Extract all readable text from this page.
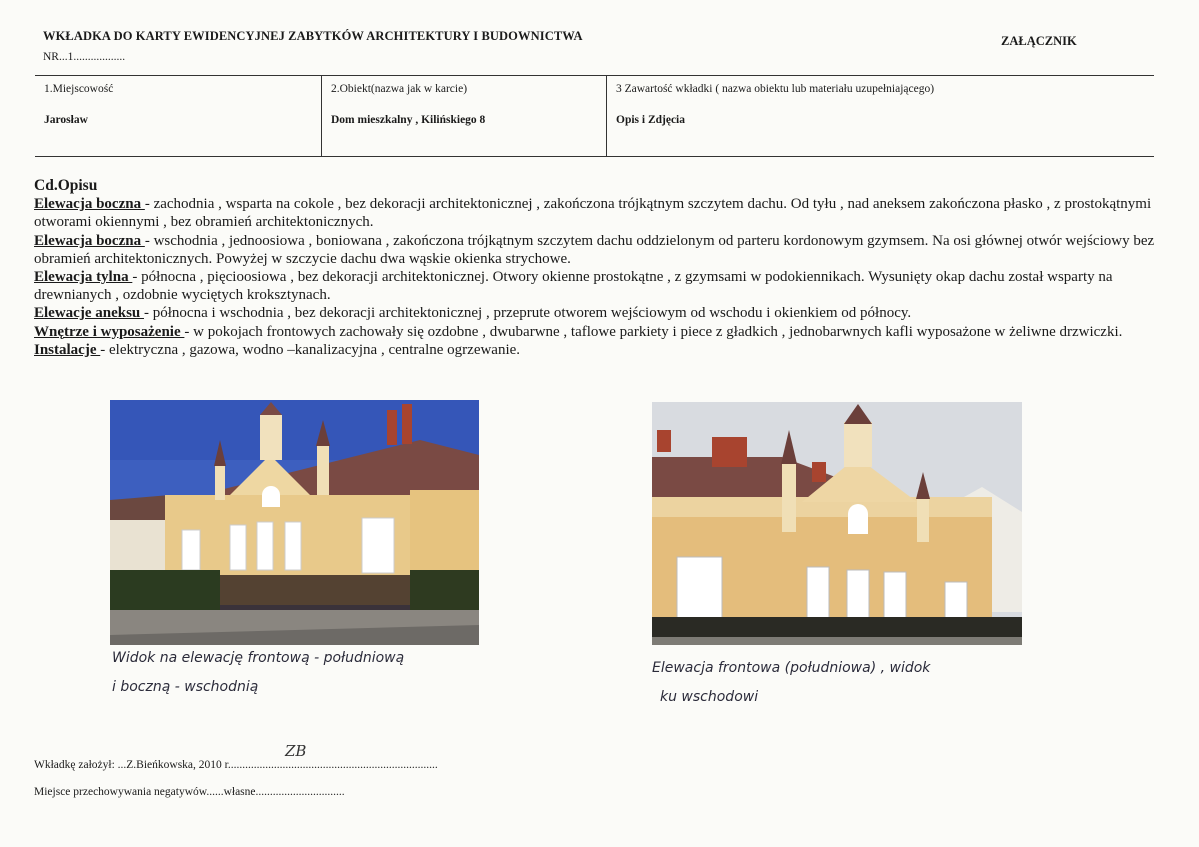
WKŁADKA DO KARTY EWIDENCYJNEJ ZABYTKÓW ARCHITEKTURY I BUDOWNICTWA
NR...1..................
ZAŁĄCZNIK
1.Miejscowość
Jarosław
2.Obiekt(nazwa jak w karcie)
Dom mieszkalny , Kilińskiego 8
3 Zawartość wkładki ( nazwa obiektu lub materiału uzupełniającego)
Opis i Zdjęcia

Cd.Opisu

Elewacja boczna - zachodnia , wsparta na cokole , bez dekoracji architektonicznej , zakończona trójkątnym szczytem dachu. Od tyłu , nad aneksem zakończona płasko , z prostokątnymi otworami okiennymi , bez obramień architektonicznych.

Elewacja boczna - wschodnia , jednoosiowa , boniowana , zakończona trójkątnym szczytem dachu oddzielonym od parteru kordonowym gzymsem. Na osi głównej otwór wejściowy bez obramień architektonicznych. Powyżej w szczycie dachu dwa wąskie okienka strychowe.

Elewacja tylna - północna , pięcioosiowa , bez dekoracji architektonicznej. Otwory okienne prostokątne , z gzymsami w podokiennikach. Wysunięty okap dachu został wsparty na drewnianych , ozdobnie wyciętych kroksztynach.

Elewacje aneksu - północna i wschodnia , bez dekoracji architektonicznej , przeprute otworem wejściowym od wschodu i okienkiem od północy.

Wnętrze i wyposażenie - w pokojach frontowych zachowały się ozdobne , dwubarwne , taflowe parkiety i piece z gładkich , jednobarwnych kafli wyposażone w żeliwne drzwiczki.

Instalacje - elektryczna , gazowa, wodno –kanalizacyjna , centralne ogrzewanie.

Widok na elewację frontową - południową
i boczną - wschodnią
Elewacja frontowa (południowa) , widok
ku wschodowi
Wkładkę założył: ...Z.Bieńkowska, 2010 r.........................................................................
ZB
Miejsce przechowywania negatywów......własne...............................
